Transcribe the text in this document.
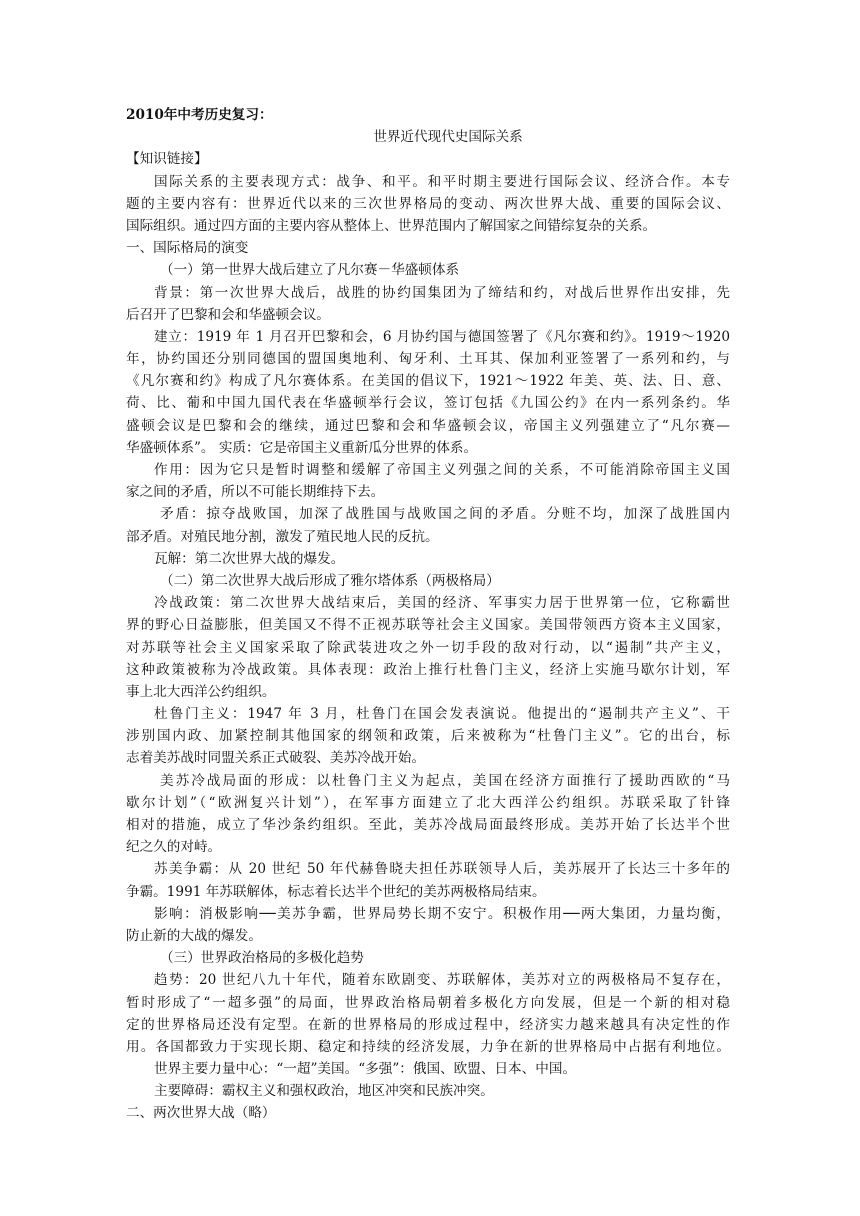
2010年中考历史复习：
世界近代现代史国际关系
【知识链接】
国际关系的主要表现方式：战争、和平。和平时期主要进行国际会议、经济合作。本专
题的主要内容有：世界近代以来的三次世界格局的变动、两次世界大战、重要的国际会议、
国际组织。通过四方面的主要内容从整体上、世界范围内了解国家之间错综复杂的关系。
一、国际格局的演变
（一）第一世界大战后建立了凡尔赛－华盛顿体系
背景：第一次世界大战后，战胜的协约国集团为了缔结和约，对战后世界作出安排，先
后召开了巴黎和会和华盛顿会议。
建立：1919 年 1 月召开巴黎和会，6 月协约国与德国签署了《凡尔赛和约》。1919～1920
年，协约国还分别同德国的盟国奥地利、匈牙利、土耳其、保加利亚签署了一系列和约，与
《凡尔赛和约》构成了凡尔赛体系。在美国的倡议下，1921～1922 年美、英、法、日、意、
荷、比、葡和中国九国代表在华盛顿举行会议，签订包括《九国公约》在内一系列条约。华
盛顿会议是巴黎和会的继续，通过巴黎和会和华盛顿会议，帝国主义列强建立了“凡尔赛—
华盛顿体系”。 实质：它是帝国主义重新瓜分世界的体系。
作用：因为它只是暂时调整和缓解了帝国主义列强之间的关系，不可能消除帝国主义国
家之间的矛盾，所以不可能长期维持下去。
矛盾：掠夺战败国，加深了战胜国与战败国之间的矛盾。分赃不均，加深了战胜国内
部矛盾。对殖民地分割，激发了殖民地人民的反抗。
瓦解：第二次世界大战的爆发。
（二）第二次世界大战后形成了雅尔塔体系（两极格局）
冷战政策：第二次世界大战结束后，美国的经济、军事实力居于世界第一位，它称霸世
界的野心日益膨胀，但美国又不得不正视苏联等社会主义国家。美国带领西方资本主义国家，
对苏联等社会主义国家采取了除武装进攻之外一切手段的敌对行动，以“遏制”共产主义，
这种政策被称为冷战政策。具体表现：政治上推行杜鲁门主义，经济上实施马歇尔计划，军
事上北大西洋公约组织。
杜鲁门主义：1947 年 3 月，杜鲁门在国会发表演说。他提出的“遏制共产主义”、干
涉别国内政、加紧控制其他国家的纲领和政策，后来被称为“杜鲁门主义”。它的出台，标
志着美苏战时同盟关系正式破裂、美苏冷战开始。
美苏冷战局面的形成：以杜鲁门主义为起点，美国在经济方面推行了援助西欧的“马
歇尔计划”（“欧洲复兴计划”），在军事方面建立了北大西洋公约组织。苏联采取了针锋
相对的措施，成立了华沙条约组织。至此，美苏冷战局面最终形成。美苏开始了长达半个世
纪之久的对峙。
苏美争霸：从 20 世纪 50 年代赫鲁晓夫担任苏联领导人后，美苏展开了长达三十多年的
争霸。1991 年苏联解体，标志着长达半个世纪的美苏两极格局结束。
影响：消极影响──美苏争霸，世界局势长期不安宁。积极作用──两大集团，力量均衡，
防止新的大战的爆发。
（三）世界政治格局的多极化趋势
趋势：20 世纪八九十年代，随着东欧剧变、苏联解体，美苏对立的两极格局不复存在，
暂时形成了“一超多强”的局面，世界政治格局朝着多极化方向发展，但是一个新的相对稳
定的世界格局还没有定型。在新的世界格局的形成过程中，经济实力越来越具有决定性的作
用。各国都致力于实现长期、稳定和持续的经济发展，力争在新的世界格局中占据有利地位。
世界主要力量中心：“一超”美国。“多强”：俄国、欧盟、日本、中国。
主要障碍：霸权主义和强权政治，地区冲突和民族冲突。
二、两次世界大战（略）
